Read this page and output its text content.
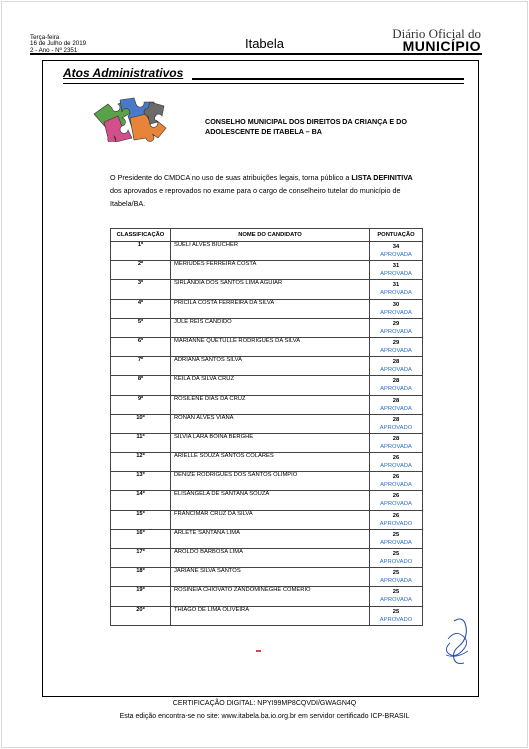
Terça-feira
16 de Julho de 2019
2 - Ano - Nº 2351	Itabela
Diário Oficial do
MUNICÍPIO
Atos Administrativos
CONSELHO MUNICIPAL DOS DIREITOS DA CRIANÇA E DO ADOLESCENTE DE ITABELA – BA
O Presidente do CMDCA no uso de suas atribuições legais, torna público a LISTA DEFINITIVA dos aprovados e reprovados no exame para o cargo de conselheiro tutelar do município de Itabela/BA.
CLASSIFICAÇÃO	NOME DO CANDIDATO	PONTUAÇÃO
1º	SUELI ALVES BIUCHER	34
APROVADA

2º	MERIUDES FERREIRA COSTA	31
APROVADA

3º	SIRLÂNDIA DOS SANTOS LIMA AGUIAR	31
APROVADA

4º	PRICILA COSTA FERREIRA DA SILVA	30
APROVADA

5º	JULE REIS CANDIDO	29
APROVADA

6º	MARIANNE QUETULLE RODRIGUES DA SILVA	29
APROVADA

7º	ADRIANA SANTOS SILVA	28
APROVADA

8º	KEILA DA SILVA CRUZ	28
APROVADA

9º	ROSILENE DIAS DA CRUZ	28
APROVADA

10º	RONAN ALVES VIANA	28
APROVADO

11º	SILVIA LARA BOINA BERGHE	28
APROVADA

12º	ARIELLE SOUZA SANTOS COLARES	26
APROVADA

13º	DENIZE RODRIGUES DOS SANTOS OLIMPIO	26
APROVADA

14º	ELISÂNGELA DE SANTANA SOUZA	26
APROVADA

15º	FRANCIMAR CRUZ DA SILVA	26
APROVADO

16º	ARLETE SANTANA LIMA	25
APROVADA

17º	AROLDO BARBOSA LIMA	25
APROVADO

18º	JARIANE SILVA SANTOS	25
APROVADA

19º	ROSINEIA CHIOVATO ZANDOMINEGHE COMERIO	25
APROVADA

20º	THIAGO DE LIMA OLIVEIRA	25
APROVADO
CERTIFICAÇÃO DIGITAL: NPYI99MP8CQVDI/GWAGN4Q
Esta edição encontra-se no site: www.itabela.ba.io.org.br em servidor certificado ICP-BRASIL
